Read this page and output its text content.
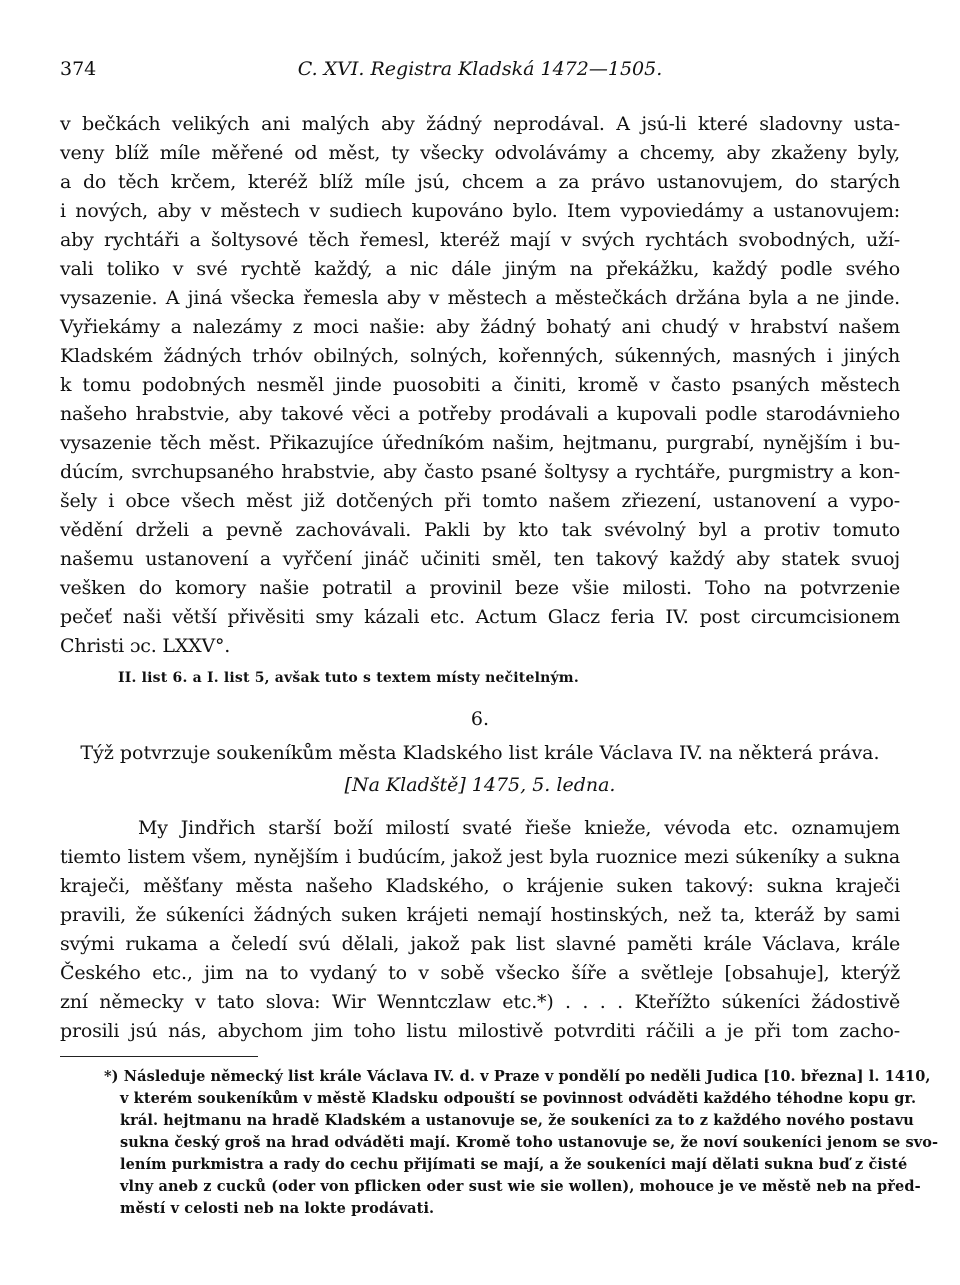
374	C. XVI. Registra Kladská 1472—1505.
v bečkách velikých ani malých aby žádný neprodával. A jsú-li které sladovny usta-
veny blíž míle měřené od měst, ty všecky odvolávámy a chcemy, aby zkaženy byly,
a do těch krčem, kteréž blíž míle jsú, chcem a za právo ustanovujem, do starých
i nových, aby v městech v sudiech kupováno bylo. Item vypoviedámy a ustanovujem:
aby rychtáři a šoltysové těch řemesl, kteréž mají v svých rychtách svobodných, uží-
vali toliko v své rychtě každý, a nic dále jiným na překážku, každý podle svého
vysazenie. A jiná všecka řemesla aby v městech a městečkách držána byla a ne jinde.
Vyřiekámy a nalezámy z moci našie: aby žádný bohatý ani chudý v hrabství našem
Kladském žádných trhóv obilných, solných, kořenných, súkenných, masných i jiných
k tomu podobných nesměl jinde puosobiti a činiti, kromě v často psaných městech
našeho hrabstvie, aby takové věci a potřeby prodávali a kupovali podle starodávnieho
vysazenie těch měst. Přikazujíce úředníkóm našim, hejtmanu, purgrabí, nynějším i bu-
dúcím, svrchupsaného hrabstvie, aby často psané šoltysy a rychtáře, purgmistry a kon-
šely i obce všech měst již dotčených při tomto našem zřiezení, ustanovení a vypo-
vědění drželi a pevně zachovávali. Pakli by kto tak svévolný byl a protiv tomuto
našemu ustanovení a vyřčení jináč učiniti směl, ten takový každý aby statek svuoj
vešken do komory našie potratil a provinil beze všie milosti. Toho na potvrzenie
pečeť naši větší přivěsiti smy kázali etc. Actum Glacz feria IV. post circumcisionem
Christi ɔc. LXXV°.
II. list 6. a I. list 5, avšak tuto s textem místy nečitelným.
6.
Týž potvrzuje soukeníkům města Kladského list krále Václava IV. na některá práva.
[Na Kladště] 1475, 5. ledna.
My Jindřich starší boží milostí svaté řieše knieže, vévoda etc. oznamujem
tiemto listem všem, nynějším i budúcím, jakož jest byla ruoznice mezi súkeníky a sukna
kraječi, měšťany města našeho Kladského, o krájenie suken takový: sukna kraječi
pravili, že súkeníci žádných suken krájeti nemají hostinských, než ta, kteráž by sami
svými rukama a čeledí svú dělali, jakož pak list slavné paměti krále Václava, krále
Českého etc., jim na to vydaný to v sobě všecko šíře a světleje [obsahuje], kterýž
zní německy v tato slova: Wir Wenntczlaw etc.*) . . . . Kteřížto súkeníci žádostivě
prosili jsú nás, abychom jim toho listu milostivě potvrditi ráčili a je při tom zacho-
*) Následuje německý list krále Václava IV. d. v Praze v pondělí po neděli Judica [10. března] l. 1410,
v kterém soukeníkům v městě Kladsku odpouští se povinnost odváděti každého téhodne kopu gr.
král. hejtmanu na hradě Kladském a ustanovuje se, že soukeníci za to z každého nového postavu
sukna český groš na hrad odváděti mají. Kromě toho ustanovuje se, že noví soukeníci jenom se svo-
lením purkmistra a rady do cechu přijímati se mají, a že soukeníci mají dělati sukna buď z čisté
vlny aneb z cucků (oder von pflicken oder sust wie sie wollen), mohouce je ve městě neb na před-
městí v celosti neb na lokte prodávati.
